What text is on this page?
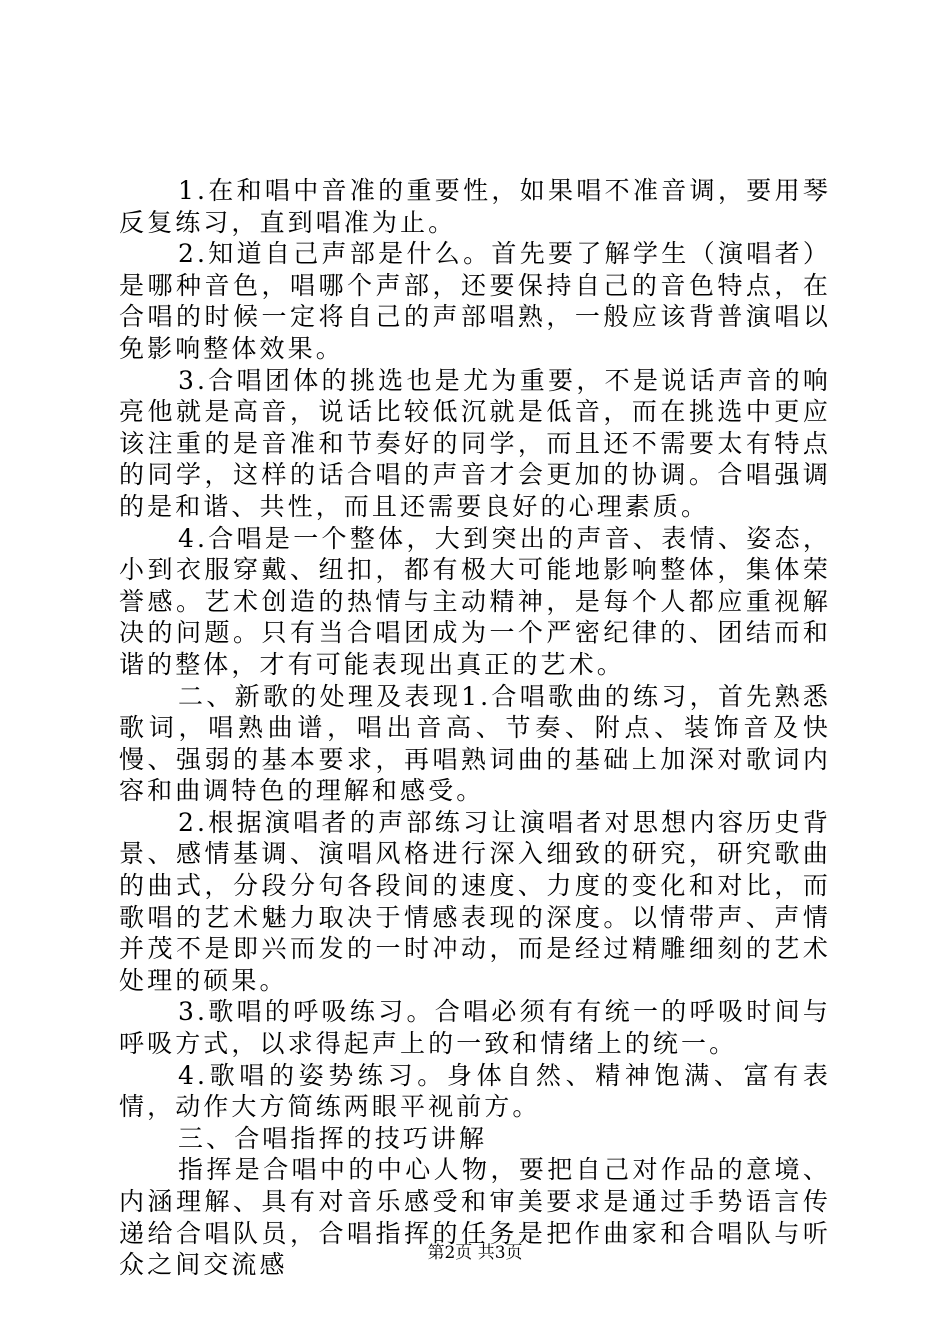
1.在和唱中音准的重要性，如果唱不准音调，要用琴反复练习，直到唱准为止。

2.知道自己声部是什么。首先要了解学生（演唱者）是哪种音色，唱哪个声部，还要保持自己的音色特点，在合唱的时候一定将自己的声部唱熟，一般应该背普演唱以免影响整体效果。

3.合唱团体的挑选也是尤为重要，不是说话声音的响亮他就是高音，说话比较低沉就是低音，而在挑选中更应该注重的是音准和节奏好的同学，而且还不需要太有特点的同学，这样的话合唱的声音才会更加的协调。合唱强调的是和谐、共性，而且还需要良好的心理素质。

4.合唱是一个整体，大到突出的声音、表情、姿态，小到衣服穿戴、纽扣，都有极大可能地影响整体，集体荣誉感。艺术创造的热情与主动精神，是每个人都应重视解决的问题。只有当合唱团成为一个严密纪律的、团结而和谐的整体，才有可能表现出真正的艺术。

二、新歌的处理及表现1.合唱歌曲的练习，首先熟悉歌词，唱熟曲谱，唱出音高、节奏、附点、装饰音及快慢、强弱的基本要求，再唱熟词曲的基础上加深对歌词内容和曲调特色的理解和感受。

2.根据演唱者的声部练习让演唱者对思想内容历史背景、感情基调、演唱风格进行深入细致的研究，研究歌曲的曲式，分段分句各段间的速度、力度的变化和对比，而歌唱的艺术魅力取决于情感表现的深度。以情带声、声情并茂不是即兴而发的一时冲动，而是经过精雕细刻的艺术处理的硕果。

3.歌唱的呼吸练习。合唱必须有有统一的呼吸时间与呼吸方式，以求得起声上的一致和情绪上的统一。

4.歌唱的姿势练习。身体自然、精神饱满、富有表情，动作大方简练两眼平视前方。

三、合唱指挥的技巧讲解

指挥是合唱中的中心人物，要把自己对作品的意境、内涵理解、具有对音乐感受和审美要求是通过手势语言传递给合唱队员，合唱指挥的任务是把作曲家和合唱队与听众之间交流感	第2页 共3页
